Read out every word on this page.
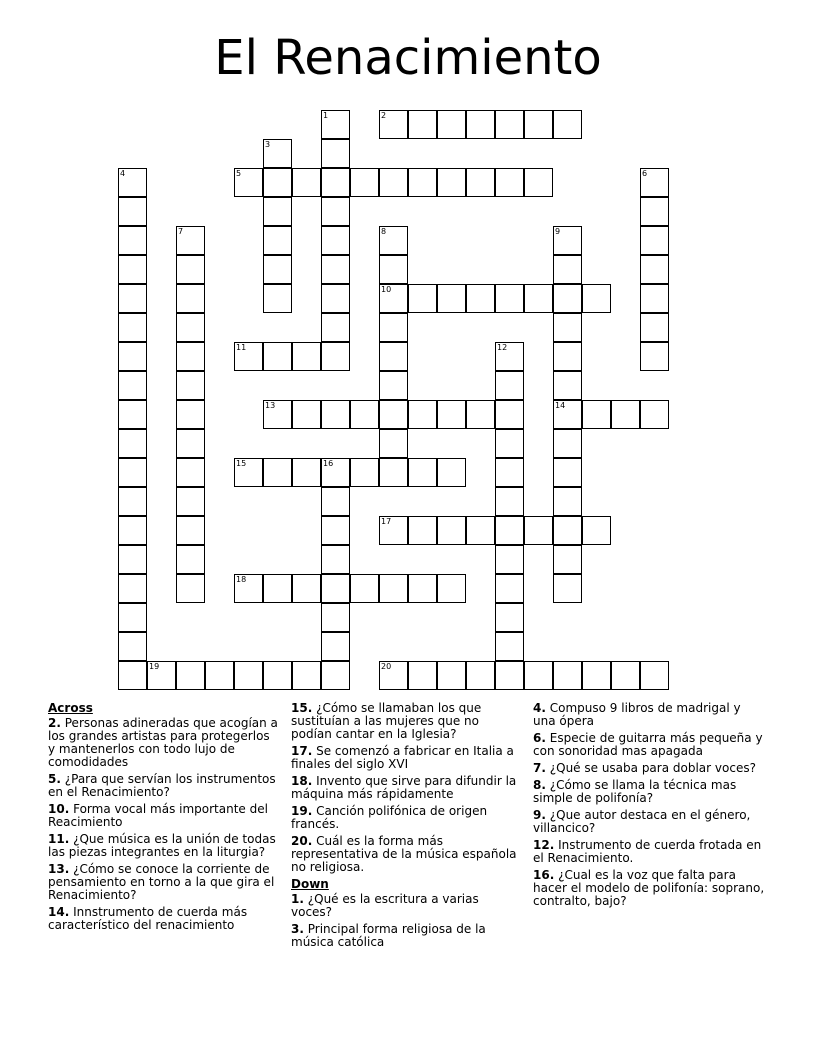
El Renacimiento
1	2
3
4	5	6
7	8	9
10
11	12
13	14
15	16
17
18
19	20
Across
2. Personas adineradas que acogían a los grandes artistas para protegerlos y mantenerlos con todo lujo de comodidades
5. ¿Para que servían los instrumentos en el Renacimiento?
10. Forma vocal más importante del Reacimiento
11. ¿Que música es la unión de todas las piezas integrantes en la liturgia?
13. ¿Cómo se conoce la corriente de pensamiento en torno a la que gira el Renacimiento?
14. Innstrumento de cuerda más característico del renacimiento
15. ¿Cómo se llamaban los que sustituían a las mujeres que no podían cantar en la Iglesia?
17. Se comenzó a fabricar en Italia a finales del siglo XVI
18. Invento que sirve para difundir la máquina más rápidamente
19. Canción polifónica de origen francés.
20. Cuál es la forma más representativa de la música española no religiosa.
Down
1. ¿Qué es la escritura a varias voces?
3. Principal forma religiosa de la música católica
4. Compuso 9 libros de madrigal y una ópera
6. Especie de guitarra más pequeña y con sonoridad mas apagada
7. ¿Qué se usaba para doblar voces?
8. ¿Cómo se llama la técnica mas simple de polifonía?
9. ¿Que autor destaca en el género, villancico?
12. Instrumento de cuerda frotada en el Renacimiento.
16. ¿Cual es la voz que falta para hacer el modelo de polifonía: soprano, contralto, bajo?
